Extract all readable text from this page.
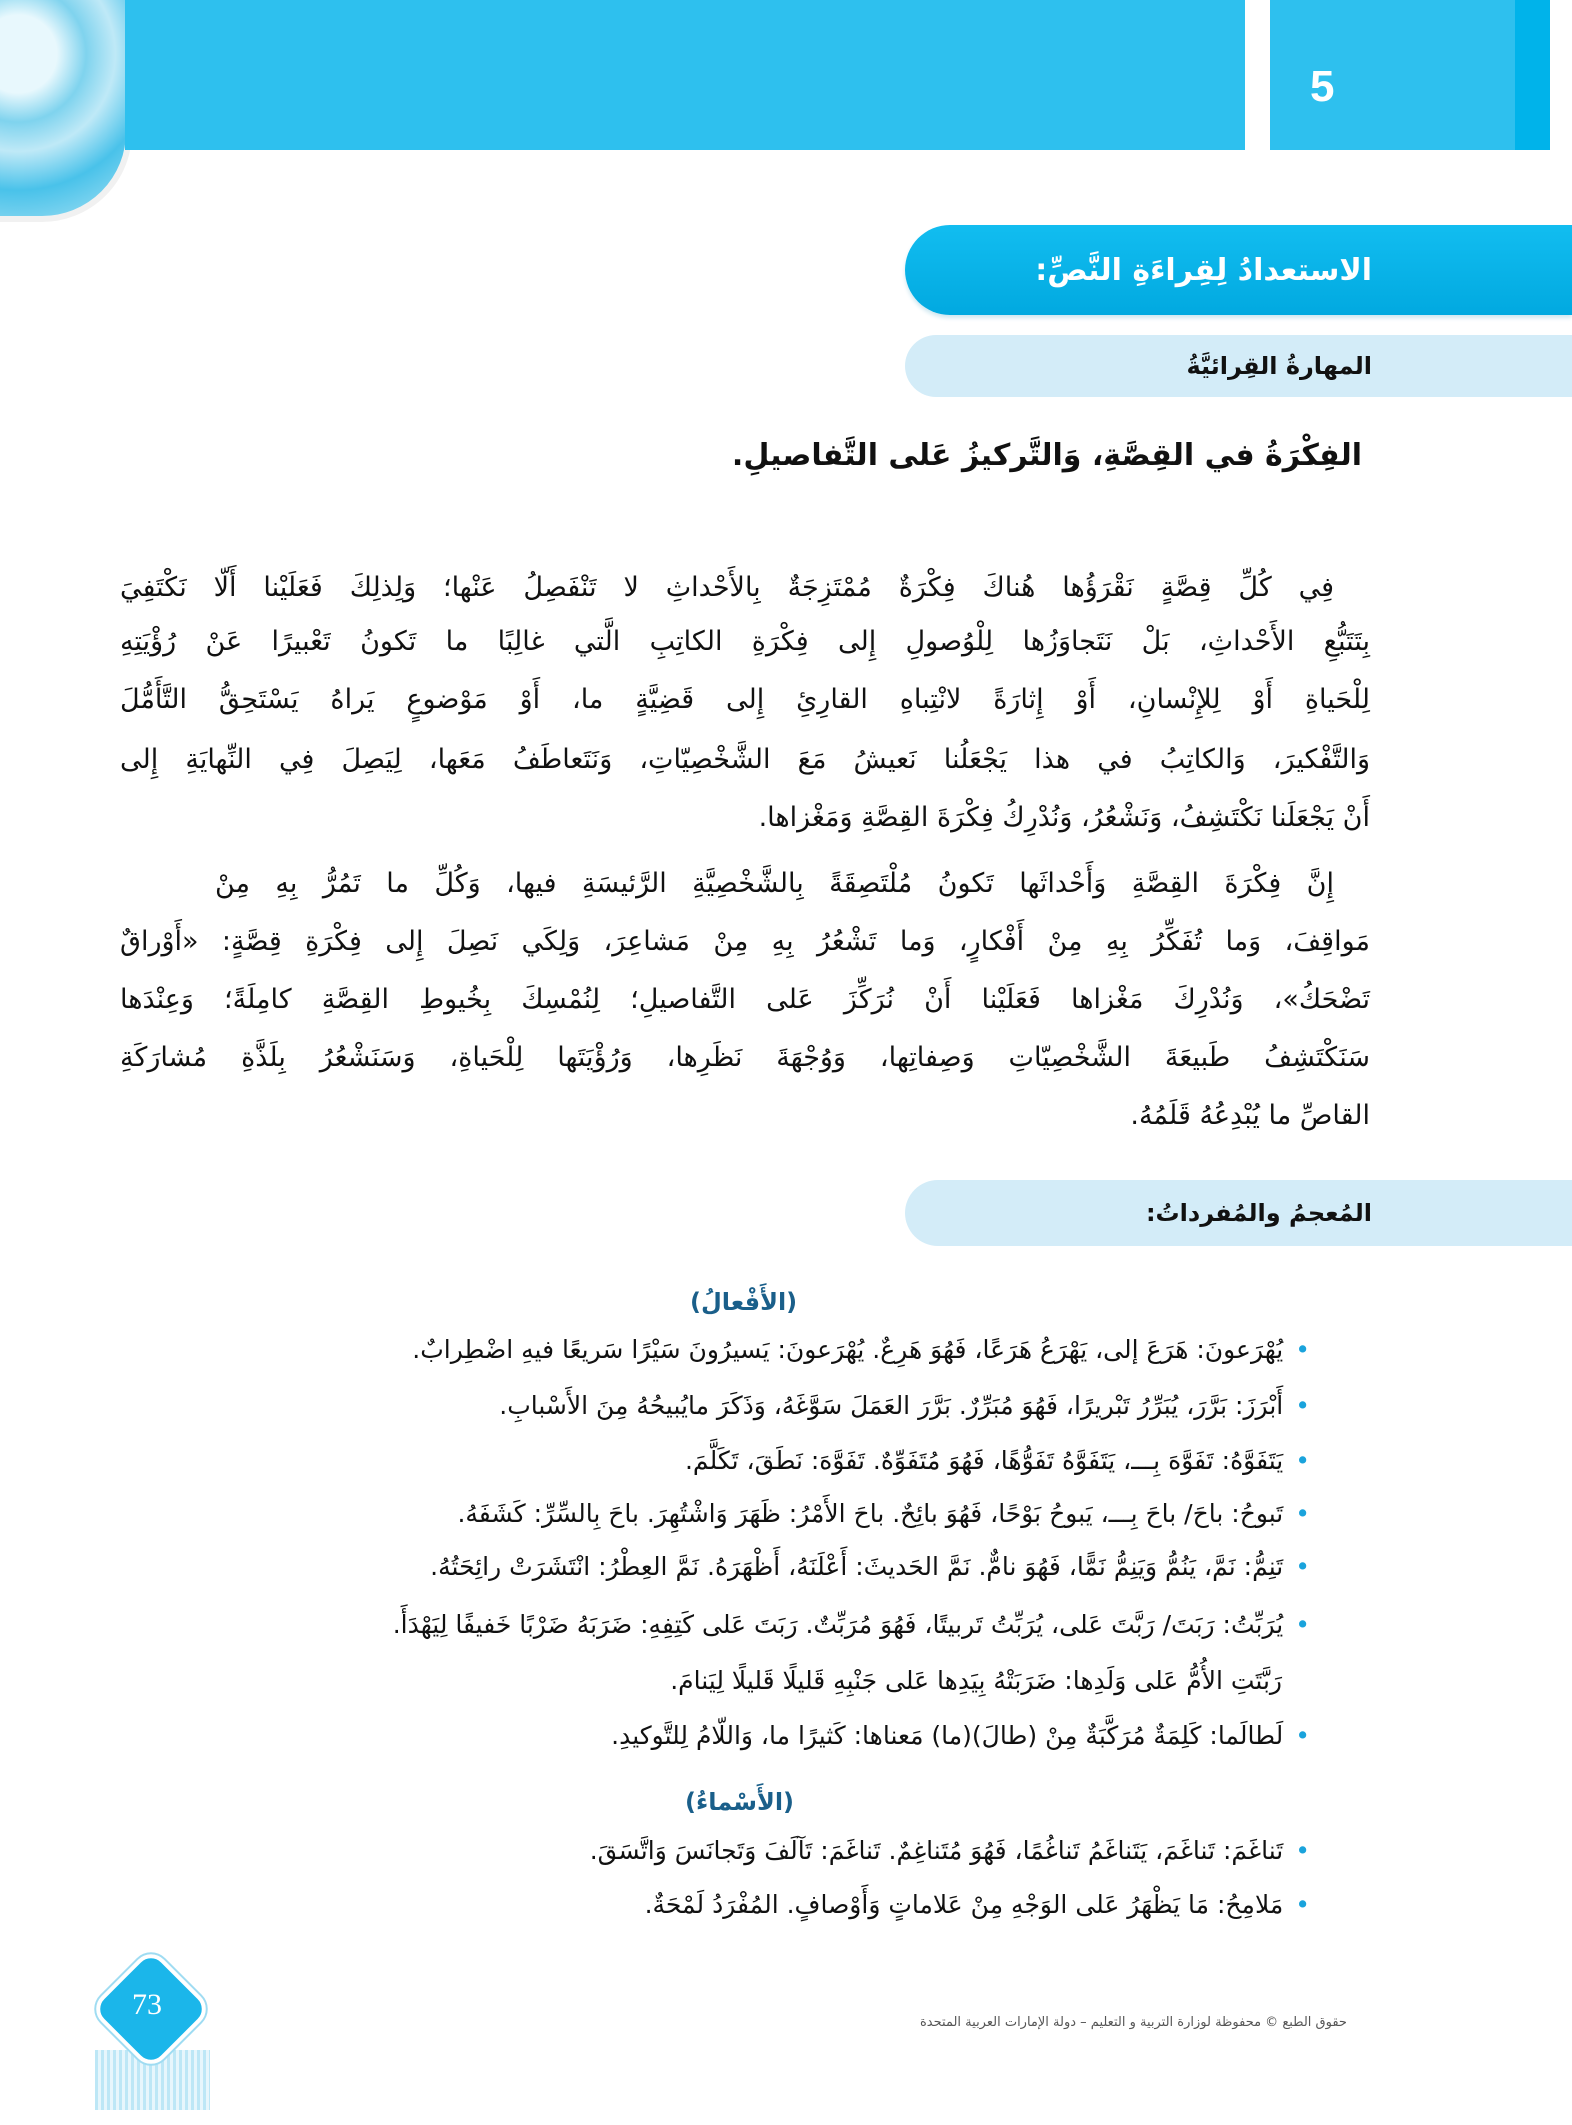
5
الاستعدادُ لِقِراءَةِ النَّصِّ:
المهارةُ القِرائيَّةُ
الفِكْرَةُ في القِصَّةِ، وَالتَّركيزُ عَلى التَّفاصيلِ.
فِي كُلِّ قِصَّةٍ نَقْرَؤُها هُناكَ فِكْرَةٌ مُمْتَزِجَةٌ بِالأَحْداثِ لا تَنْفَصِلُ عَنْها؛ وَلِذلِكَ فَعَلَيْنا أَلّا نَكْتَفِيَ
بِتَتَبُّعِ الأَحْداثِ، بَلْ نَتَجاوَزُها لِلْوُصولِ إِلى فِكْرَةِ الكاتِبِ الَّتي غالِبًا ما تَكونُ تَعْبيرًا عَنْ رُؤْيَتِهِ
لِلْحَياةِ أَوْ لِلإِنْسانِ، أَوْ إِثارَةً لانْتِباهِ القارِئِ إِلى قَضِيَّةٍ ما، أَوْ مَوْضوعٍ يَراهُ يَسْتَحِقُّ التَّأَمُّلَ
وَالتَّفْكيرَ، وَالكاتِبُ في هذا يَجْعَلُنا نَعيشُ مَعَ الشَّخْصِيّاتِ، وَنَتَعاطَفُ مَعَها، لِيَصِلَ فِي النِّهايَةِ إِلى
أَنْ يَجْعَلَنا نَكْتَشِفُ، وَنَشْعُرُ، وَنُدْرِكُ فِكْرَةَ القِصَّةِ وَمَغْزاها.
إِنَّ فِكْرَةَ القِصَّةِ وَأَحْداثَها تَكونُ مُلْتَصِقَةً بِالشَّخْصِيَّةِ الرَّئيسَةِ فيها، وَكُلِّ ما تَمُرُّ بِهِ مِنْ
مَواقِفَ، وَما تُفَكِّرُ بِهِ مِنْ أَفْكارٍ، وَما تَشْعُرُ بِهِ مِنْ مَشاعِرَ، وَلِكَي نَصِلَ إِلى فِكْرَةِ قِصَّةٍ: «أَوْراقٌ
تَضْحَكُ»، وَنُدْرِكَ مَغْزاها فَعَلَيْنا أَنْ نُرَكِّزَ عَلى التَّفاصيلِ؛ لِنُمْسِكَ بِخُيوطِ القِصَّةِ كامِلَةً؛ وَعِنْدَها
سَنَكْتَشِفُ طَبيعَةَ الشَّخْصِيّاتِ وَصِفاتِها، وَوُجْهَةَ نَظَرِها، وَرُؤْيَتَها لِلْحَياةِ، وَسَنَشْعُرُ بِلَذَّةِ مُشارَكَةِ
القاصِّ ما يُبْدِعُهُ قَلَمُهُ.
المُعجمُ والمُفرداتُ:
(الأَفْعالُ)
•يُهْرَعونَ: هَرَعَ إلى، يَهْرَعُ هَرَعًا، فَهُوَ هَرِعٌ. يُهْرَعونَ: يَسيرُونَ سَيْرًا سَريعًا فيهِ اضْطِرابٌ.
•أَبْرَزَ: بَرَّرَ، يُبَرِّرُ تَبْريرًا، فَهُوَ مُبَرِّرٌ. بَرَّرَ العَمَلَ سَوَّغَهُ، وَذَكَرَ مايُبيحُهُ مِنَ الأَسْبابِ.
•يَتَفَوَّهُ: تَفَوَّهَ بِـــ، يَتَفَوَّهُ تَفَوُّهًا، فَهُوَ مُتَفَوِّهٌ. تَفَوَّهَ: نَطَقَ، تَكَلَّمَ.
•تَبوحُ: باحَ/ باحَ بِـــ، يَبوحُ بَوْحًا، فَهُوَ بائِحٌ. باحَ الأَمْرُ: ظَهَرَ وَاشْتُهِرَ. باحَ بِالسِّرِّ: كَشَفَهُ.
•تَنِمُّ: نَمَّ، يَنُمُّ وَيَنِمُّ نَمًّا، فَهُوَ نامٌّ. نَمَّ الحَديثَ: أَعْلَنَهُ، أَظْهَرَهُ. نَمَّ العِطْرُ: انْتَشَرَتْ رائِحَتُهُ.
•يُرَبِّتُ: رَبَتَ/ رَبَّتَ عَلى، يُرَبِّتُ تَربيتًا، فَهُوَ مُرَبِّتٌ. رَبَتَ عَلى كَتِفِهِ: ضَرَبَهُ ضَرْبًا خَفيفًا لِيَهْدَأَ.
رَبَّتَتِ الأُمُّ عَلى وَلَدِها: ضَرَبَتْهُ بِيَدِها عَلى جَنْبِهِ قَليلًا قَليلًا لِيَنامَ.
•لَطالَما: كَلِمَةٌ مُرَكَّبَةٌ مِنْ (طالَ)(ما) مَعناها: كَثيرًا ما، وَاللّامُ لِلتَّوكيدِ.
(الأَسْماءُ)
•تَناغَمَ: تَناغَمَ، يَتَناغَمُ تَناغُمًا، فَهُوَ مُتَناغِمٌ. تَناغَمَ: تَآلَفَ وَتَجانَسَ وَاتَّسَقَ.
•مَلامِحُ: مَا يَظْهَرُ عَلى الوَجْهِ مِنْ عَلاماتٍ وَأَوْصافٍ. المُفْرَدُ لَمْحَةٌ.
73
حقوق الطبع © محفوظة لوزارة التربية و التعليم – دولة الإمارات العربية المتحدة
